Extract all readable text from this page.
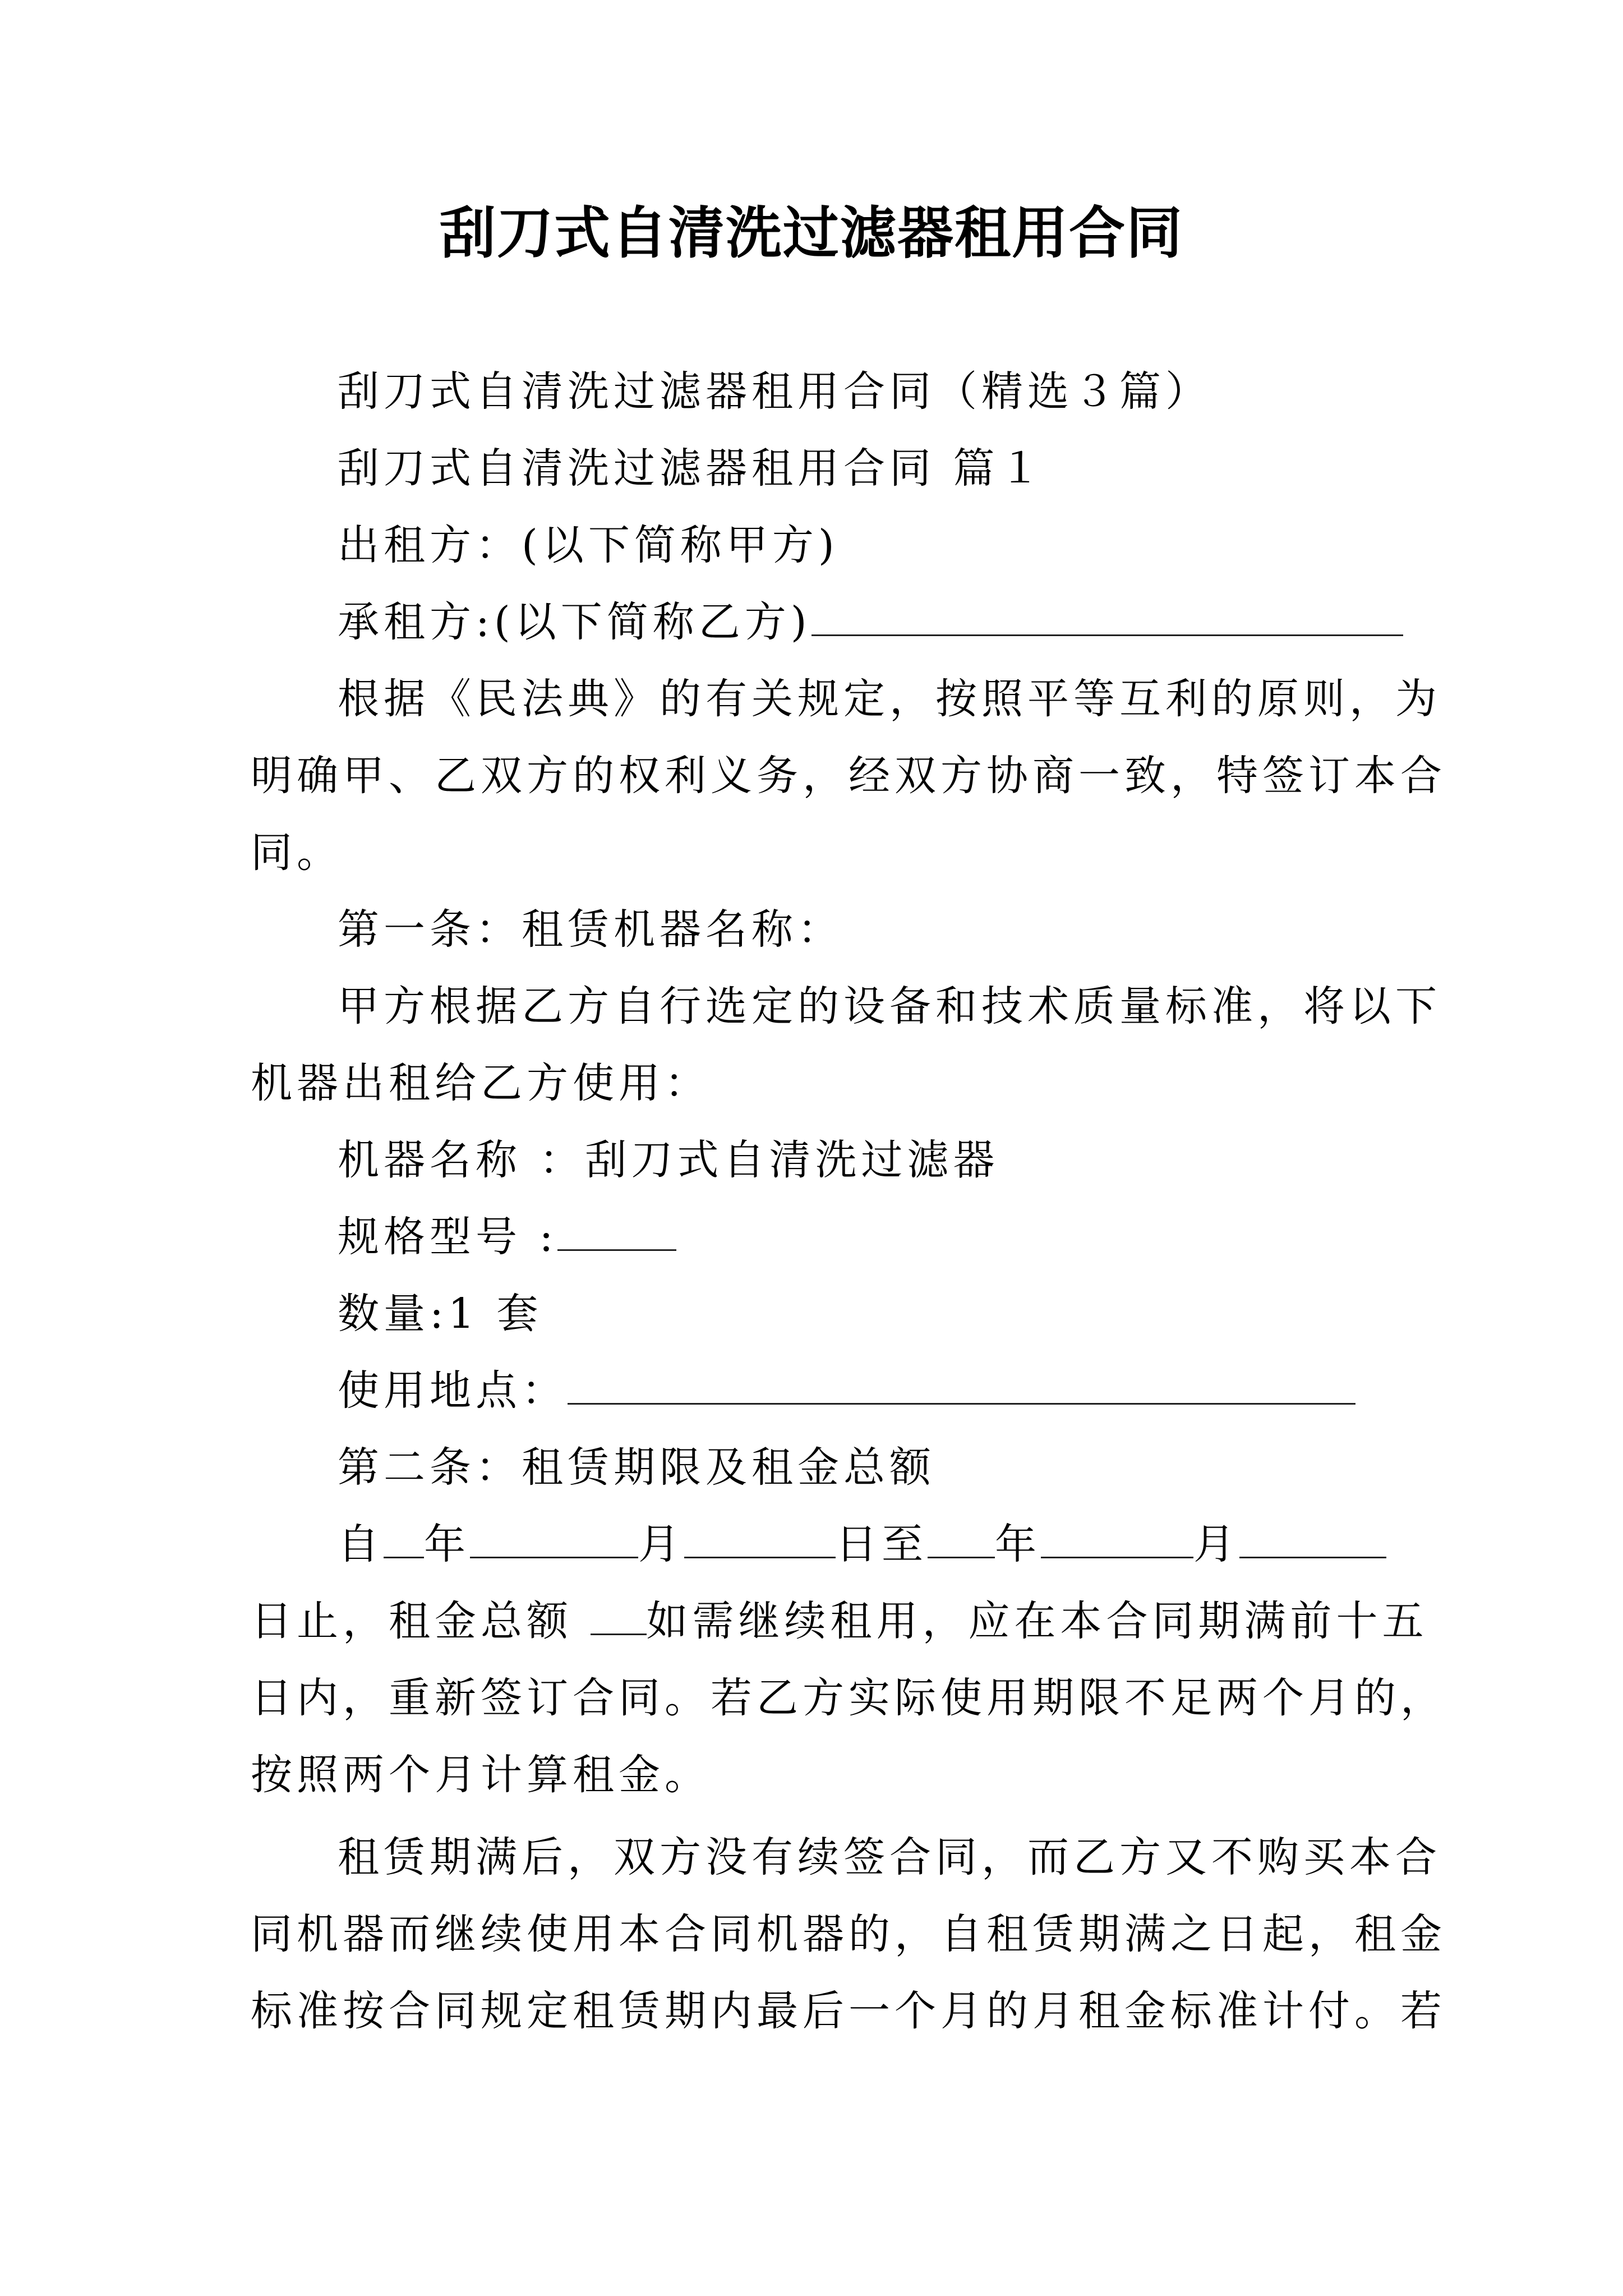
刮刀式自清洗过滤器租用合同

刮刀式自清洗过滤器租用合同（精选３篇）

刮刀式自清洗过滤器租用合同 篇１

出租方：(以下简称甲方)

承租方:(以下简称乙方)

根据《民法典》的有关规定，按照平等互利的原则，为

明确甲、乙双方的权利义务，经双方协商一致，特签订本合

同。

第一条：租赁机器名称：

甲方根据乙方自行选定的设备和技术质量标准，将以下

机器出租给乙方使用：

机器名称 ：刮刀式自清洗过滤器

规格型号 :

数量:1 套

使用地点：

第二条：租赁期限及租金总额

自 年	月	日至 年	月

日止，租金总额 如需继续租用，应在本合同期满前十五

日内，重新签订合同。若乙方实际使用期限不足两个月的，

按照两个月计算租金。

租赁期满后，双方没有续签合同，而乙方又不购买本合

同机器而继续使用本合同机器的，自租赁期满之日起，租金

标准按合同规定租赁期内最后一个月的月租金标准计付。若
